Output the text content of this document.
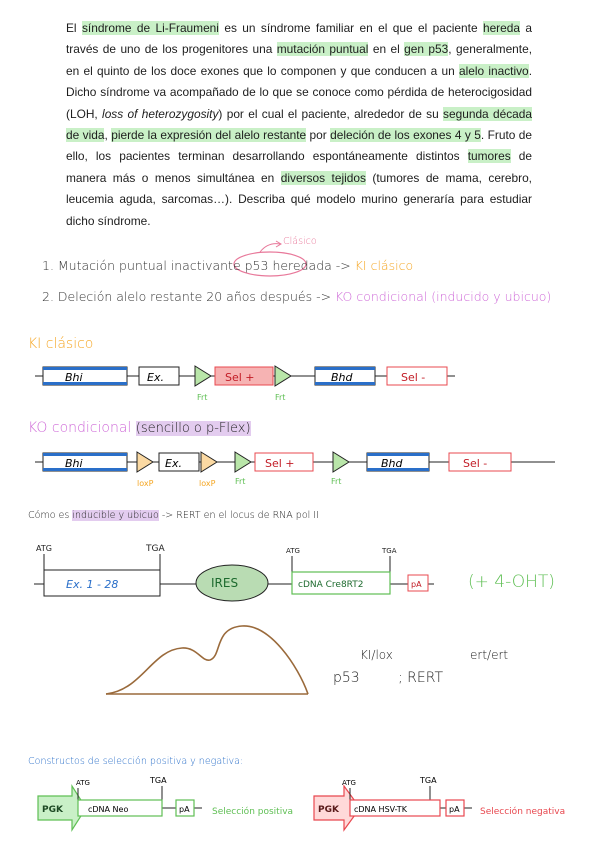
El síndrome de Li-Fraumeni es un síndrome familiar en el que el paciente hereda a través de uno de los progenitores una mutación puntual en el gen p53, generalmente, en el quinto de los doce exones que lo componen y que conducen a un alelo inactivo. Dicho síndrome va acompañado de lo que se conoce como pérdida de heterocigosidad (LOH, loss of heterozygosity) por el cual el paciente, alrededor de su segunda década de vida, pierde la expresión del alelo restante por deleción de los exones 4 y 5. Fruto de ello, los pacientes terminan desarrollando espontáneamente distintos tumores de manera más o menos simultánea en diversos tejidos (tumores de mama, cerebro, leucemia aguda, sarcomas…). Describa qué modelo murino generaría para estudiar dicho síndrome.
Clásico
1. Mutación puntual inactivante p53 heredada -> KI clásico
2. Deleción alelo restante 20 años después -> KO condicional (inducido y ubicuo)
KI clásico
Bhi	Ex.	Sel +	Bhd	Sel -
Frt	Frt
KO condicional (sencillo o p-Flex)
Bhi	Ex.	Sel +	Bhd	Sel -
loxP	loxP Frt	Frt
Cómo es inducible y ubicuo -> RERT en el locus de RNA pol II
ATG	TGA
Ex. 1 - 28	IRES
ATG	TGA
cDNA Cre8RT2	pA	(+ 4-OHT)
KI/lox	ert/ert
p53	; RERT
Constructos de selección positiva y negativa:
PGK
ATG	TGA
cDNA Neo	pA Selección positiva	PGK
ATG	TGA
cDNA HSV-TK	pA Selección negativa
